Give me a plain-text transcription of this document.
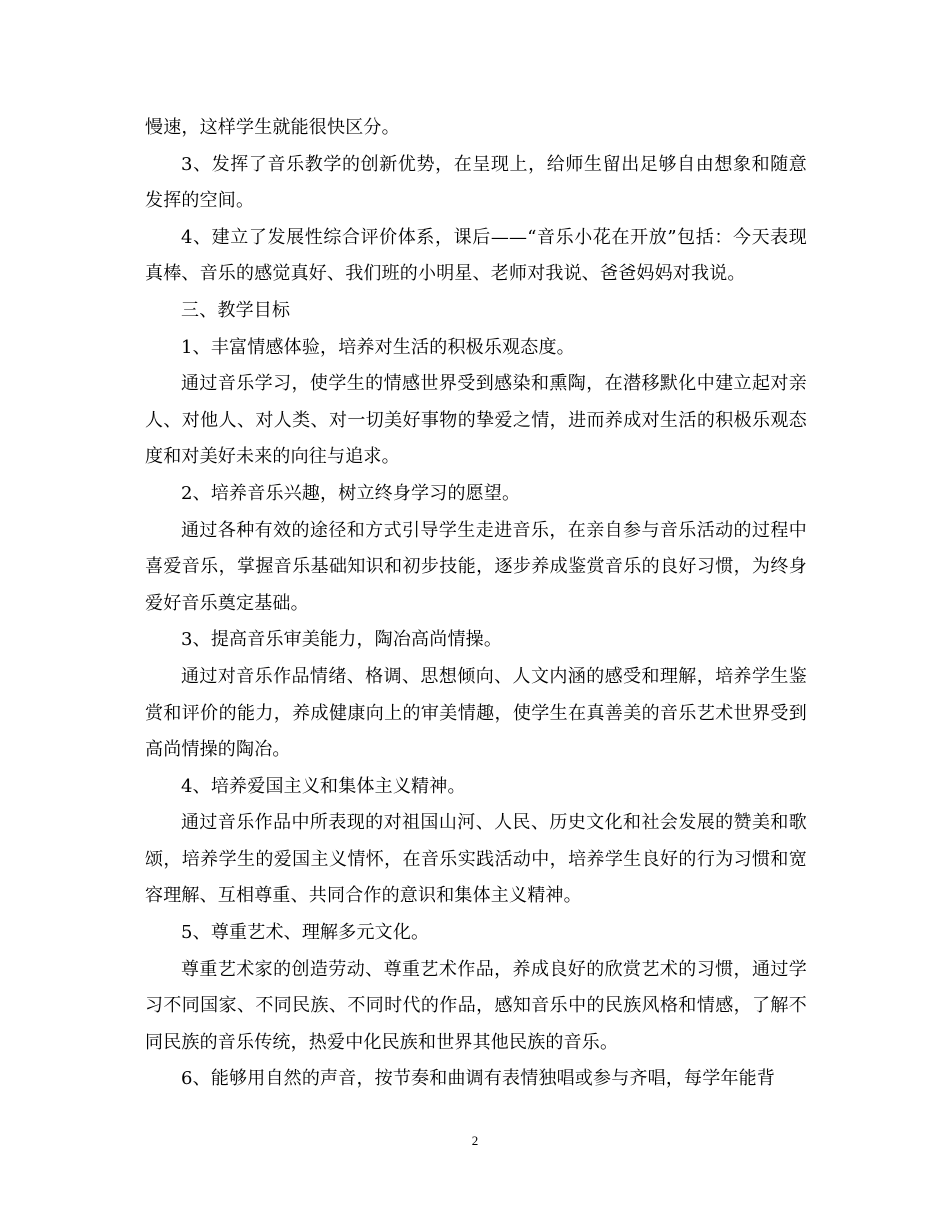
慢速，这样学生就能很快区分。

3、发挥了音乐教学的创新优势，在呈现上，给师生留出足够自由想象和随意发挥的空间。

4、建立了发展性综合评价体系，课后——“音乐小花在开放”包括：今天表现真棒、音乐的感觉真好、我们班的小明星、老师对我说、爸爸妈妈对我说。

三、教学目标

1、丰富情感体验，培养对生活的积极乐观态度。

通过音乐学习，使学生的情感世界受到感染和熏陶，在潜移默化中建立起对亲人、对他人、对人类、对一切美好事物的挚爱之情，进而养成对生活的积极乐观态度和对美好未来的向往与追求。

2、培养音乐兴趣，树立终身学习的愿望。

通过各种有效的途径和方式引导学生走进音乐，在亲自参与音乐活动的过程中喜爱音乐，掌握音乐基础知识和初步技能，逐步养成鉴赏音乐的良好习惯，为终身爱好音乐奠定基础。

3、提高音乐审美能力，陶冶高尚情操。

通过对音乐作品情绪、格调、思想倾向、人文内涵的感受和理解，培养学生鉴赏和评价的能力，养成健康向上的审美情趣，使学生在真善美的音乐艺术世界受到高尚情操的陶冶。

4、培养爱国主义和集体主义精神。

通过音乐作品中所表现的对祖国山河、人民、历史文化和社会发展的赞美和歌颂，培养学生的爱国主义情怀，在音乐实践活动中，培养学生良好的行为习惯和宽容理解、互相尊重、共同合作的意识和集体主义精神。

5、尊重艺术、理解多元文化。

尊重艺术家的创造劳动、尊重艺术作品，养成良好的欣赏艺术的习惯，通过学习不同国家、不同民族、不同时代的作品，感知音乐中的民族风格和情感，了解不同民族的音乐传统，热爱中化民族和世界其他民族的音乐。

6、能够用自然的声音，按节奏和曲调有表情独唱或参与齐唱，每学年能背

2
